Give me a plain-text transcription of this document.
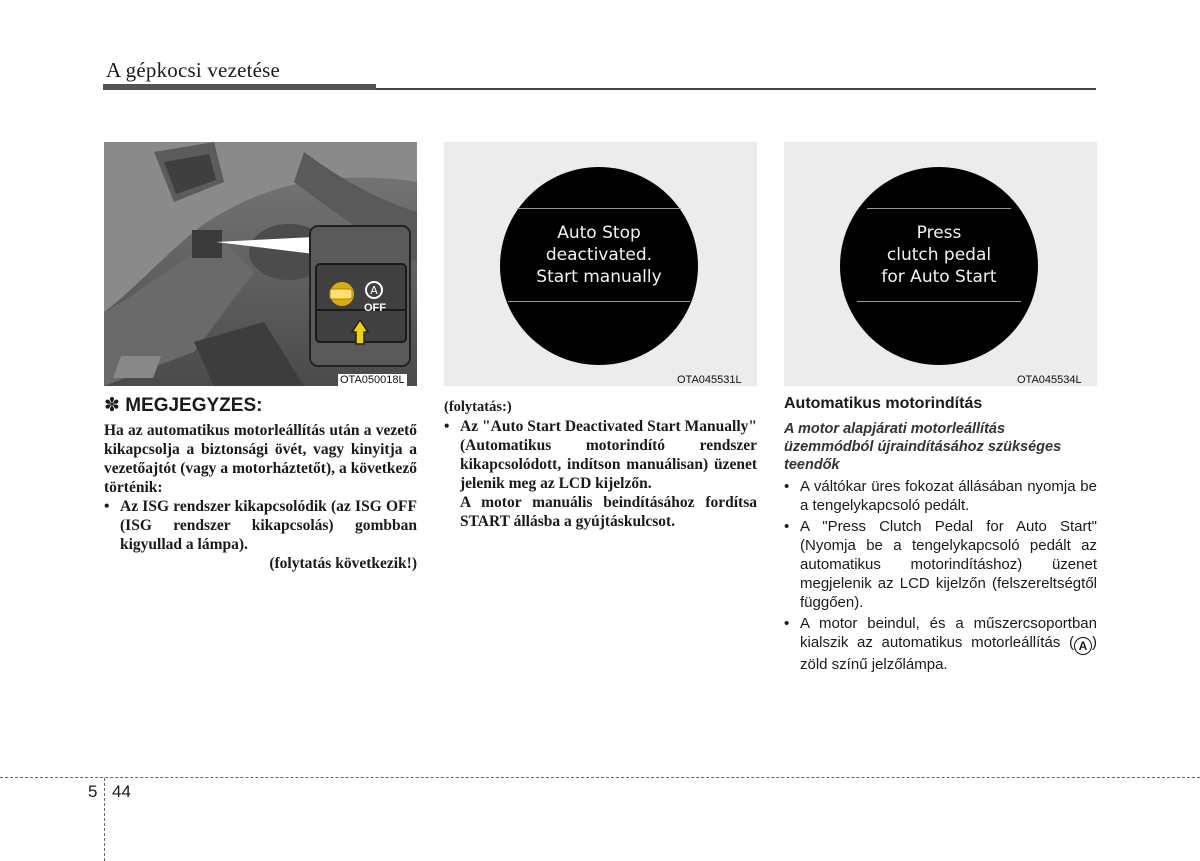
A gépkocsi vezetése
A
OFF
OTA050018L
Auto Stop
deactivated.
Start manually
OTA045531L
Press
clutch pedal
for Auto Start
OTA045534L
✽ MEGJEGYZES:
Ha az automatikus motorleállítás után a vezető kikapcsolja a biztonsági övét, vagy kinyitja a vezetőajtót (vagy a motorháztetőt), a következő történik:
• Az ISG rendszer kikapcsolódik (az ISG OFF (ISG rendszer kikapcsolás) gombban kigyullad a lámpa).
(folytatás következik!)
(folytatás:)
• Az "Auto Start Deactivated Start Manually" (Automatikus motorindító rendszer kikapcsolódott, indítson manuálisan) üzenet jelenik meg az LCD kijelzőn.
A motor manuális beindításához fordítsa START állásba a gyújtáskulcsot.
Automatikus motorindítás
A motor alapjárati motorleállítás üzemmódból újraindításához szükséges teendők
• A váltókar üres fokozat állásában nyomja be a tengelykapcsoló pedált.
• A "Press Clutch Pedal for Auto Start" (Nyomja be a tengelykapcsoló pedált az automatikus motorindításhoz) üzenet megjelenik az LCD kijelzőn (felszereltségtől függően).
• A motor beindul, és a műszercsoportban kialszik az automatikus motorleállítás ( A ) zöld színű jelzőlámpa.
5 44
